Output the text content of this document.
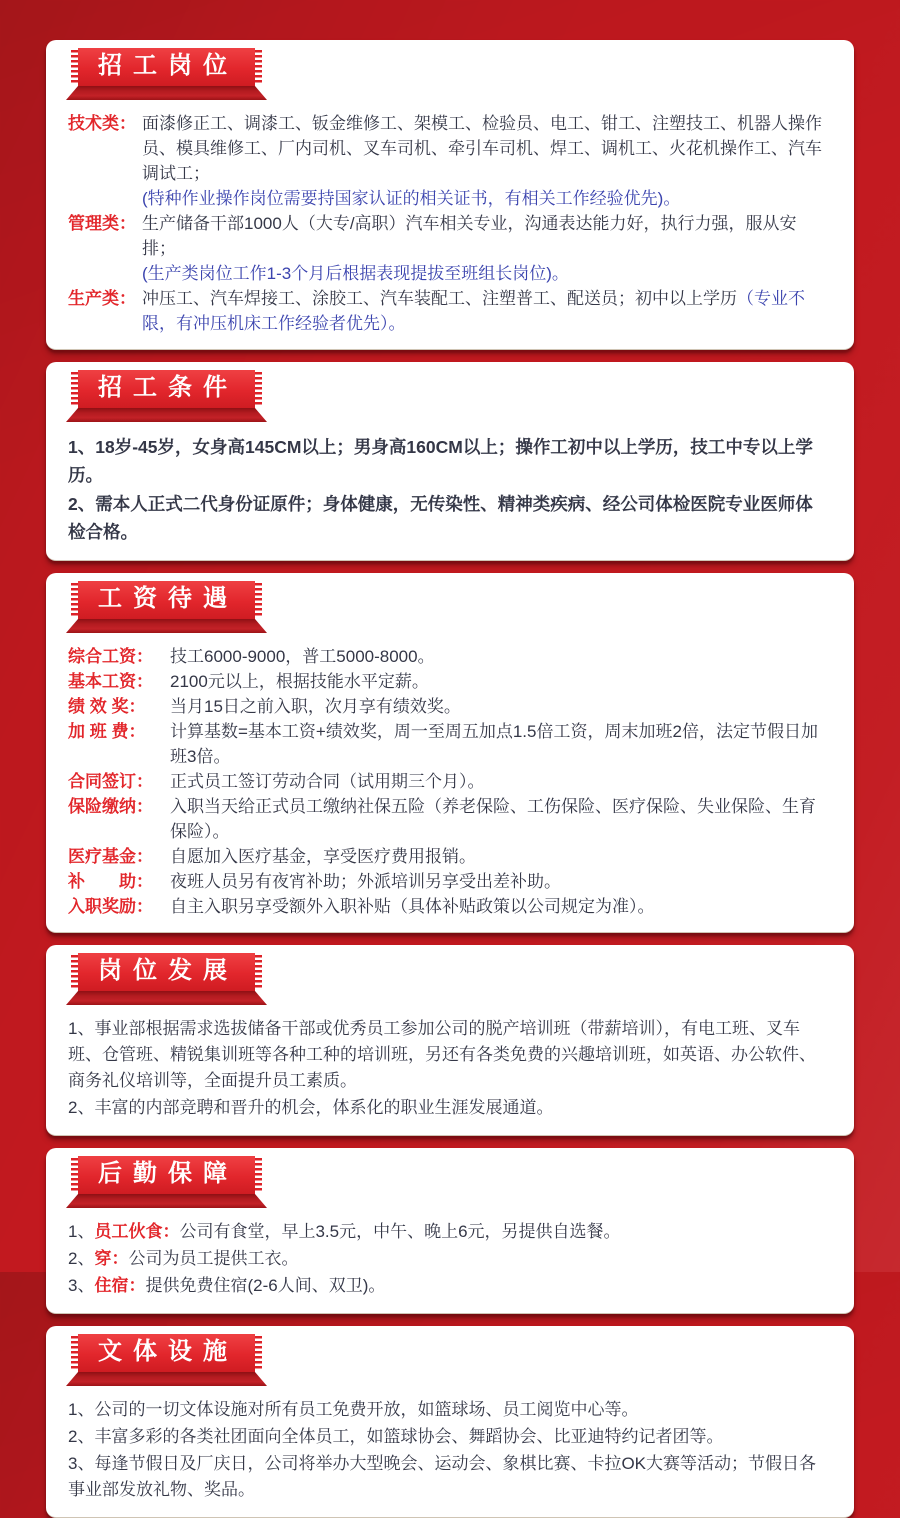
招工岗位
技术类： 面漆修正工、调漆工、钣金维修工、架模工、检验员、电工、钳工、注塑技工、机器人操作员、模具维修工、厂内司机、叉车司机、牵引车司机、焊工、调机工、火花机操作工、汽车调试工；
(特种作业操作岗位需要持国家认证的相关证书，有相关工作经验优先)。
管理类： 生产储备干部1000人（大专/高职）汽车相关专业，沟通表达能力好，执行力强，服从安排；
(生产类岗位工作1-3个月后根据表现提拔至班组长岗位)。
生产类： 冲压工、汽车焊接工、涂胶工、汽车装配工、注塑普工、配送员；初中以上学历（专业不限，有冲压机床工作经验者优先）。
招工条件

1、18岁-45岁，女身高145CM以上；男身高160CM以上；操作工初中以上学历，技工中专以上学历。

2、需本人正式二代身份证原件；身体健康，无传染性、精神类疾病、经公司体检医院专业医师体检合格。

工资待遇
综合工资：	技工6000-9000，普工5000-8000。
基本工资：	2100元以上，根据技能水平定薪。
绩 效 奖：	当月15日之前入职，次月享有绩效奖。
加 班 费：	计算基数=基本工资+绩效奖，周一至周五加点1.5倍工资，周末加班2倍，法定节假日加班3倍。
合同签订：	正式员工签订劳动合同（试用期三个月）。
保险缴纳：	入职当天给正式员工缴纳社保五险（养老保险、工伤保险、医疗保险、失业保险、生育保险）。
医疗基金：	自愿加入医疗基金，享受医疗费用报销。
补　　助：	夜班人员另有夜宵补助；外派培训另享受出差补助。
入职奖励：	自主入职另享受额外入职补贴（具体补贴政策以公司规定为准）。
岗位发展

1、事业部根据需求选拔储备干部或优秀员工参加公司的脱产培训班（带薪培训），有电工班、叉车班、仓管班、精锐集训班等各种工种的培训班，另还有各类免费的兴趣培训班，如英语、办公软件、商务礼仪培训等，全面提升员工素质。

2、丰富的内部竞聘和晋升的机会，体系化的职业生涯发展通道。

后勤保障

1、员工伙食：公司有食堂，早上3.5元，中午、晚上6元，另提供自选餐。

2、穿：公司为员工提供工衣。

3、住宿：提供免费住宿(2-6人间、双卫)。

文体设施

1、公司的一切文体设施对所有员工免费开放，如篮球场、员工阅览中心等。

2、丰富多彩的各类社团面向全体员工，如篮球协会、舞蹈协会、比亚迪特约记者团等。

3、每逢节假日及厂庆日，公司将举办大型晚会、运动会、象棋比赛、卡拉OK大赛等活动；节假日各事业部发放礼物、奖品。
